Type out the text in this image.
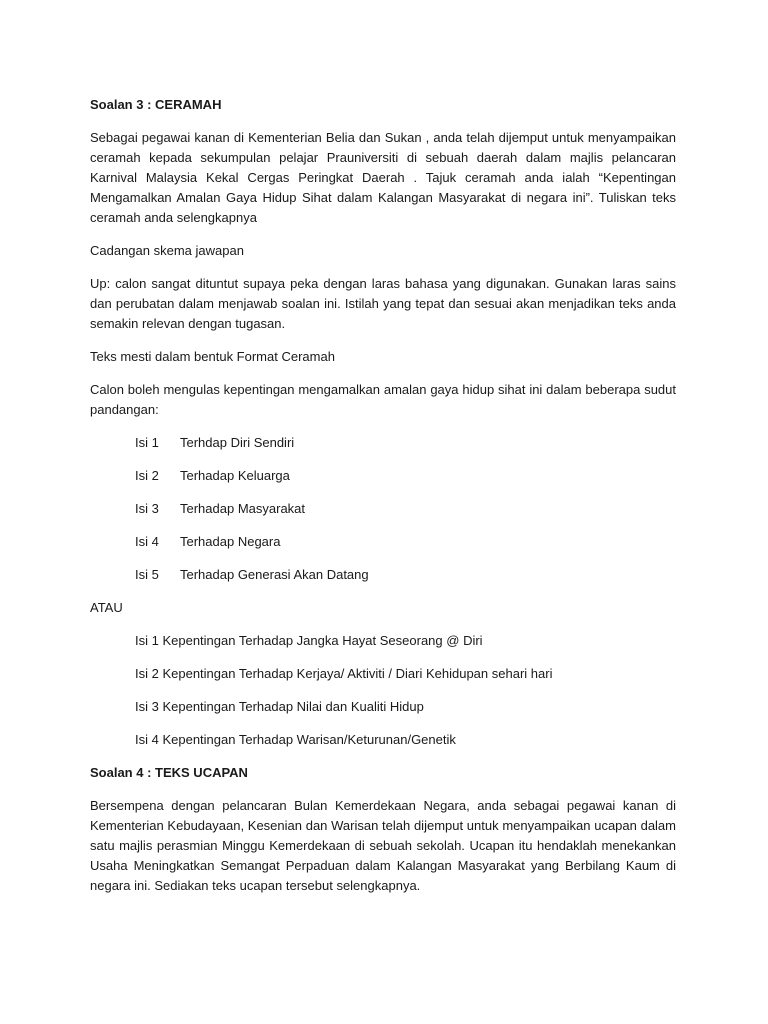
Soalan 3 : CERAMAH

Sebagai pegawai kanan di Kementerian Belia dan Sukan , anda telah dijemput untuk menyampaikan ceramah kepada sekumpulan pelajar Prauniversiti di sebuah daerah dalam majlis pelancaran Karnival Malaysia Kekal Cergas Peringkat Daerah . Tajuk ceramah anda ialah “Kepentingan Mengamalkan Amalan Gaya Hidup Sihat dalam Kalangan Masyarakat di negara ini”. Tuliskan teks ceramah anda selengkapnya

Cadangan skema jawapan

Up: calon sangat dituntut supaya peka dengan laras bahasa yang digunakan. Gunakan laras sains dan perubatan dalam menjawab soalan ini. Istilah yang tepat dan sesuai akan menjadikan teks anda semakin relevan dengan tugasan.

Teks mesti dalam bentuk Format Ceramah

Calon boleh mengulas kepentingan mengamalkan amalan gaya hidup sihat ini dalam beberapa sudut pandangan:

Isi 1	Terhdap Diri Sendiri
Isi 2	Terhadap Keluarga
Isi 3	Terhadap Masyarakat
Isi 4	Terhadap Negara
Isi 5	Terhadap Generasi Akan Datang

ATAU

Isi 1 Kepentingan Terhadap Jangka Hayat Seseorang @ Diri
Isi 2 Kepentingan Terhadap Kerjaya/ Aktiviti / Diari Kehidupan sehari hari
Isi 3 Kepentingan Terhadap Nilai dan Kualiti Hidup
Isi 4 Kepentingan Terhadap Warisan/Keturunan/Genetik

Soalan 4 : TEKS UCAPAN

Bersempena dengan pelancaran Bulan Kemerdekaan Negara, anda sebagai pegawai kanan di Kementerian Kebudayaan, Kesenian dan Warisan telah dijemput untuk menyampaikan ucapan dalam satu majlis perasmian Minggu Kemerdekaan di sebuah sekolah. Ucapan itu hendaklah menekankan Usaha Meningkatkan Semangat Perpaduan dalam Kalangan Masyarakat yang Berbilang Kaum di negara ini. Sediakan teks ucapan tersebut selengkapnya.
